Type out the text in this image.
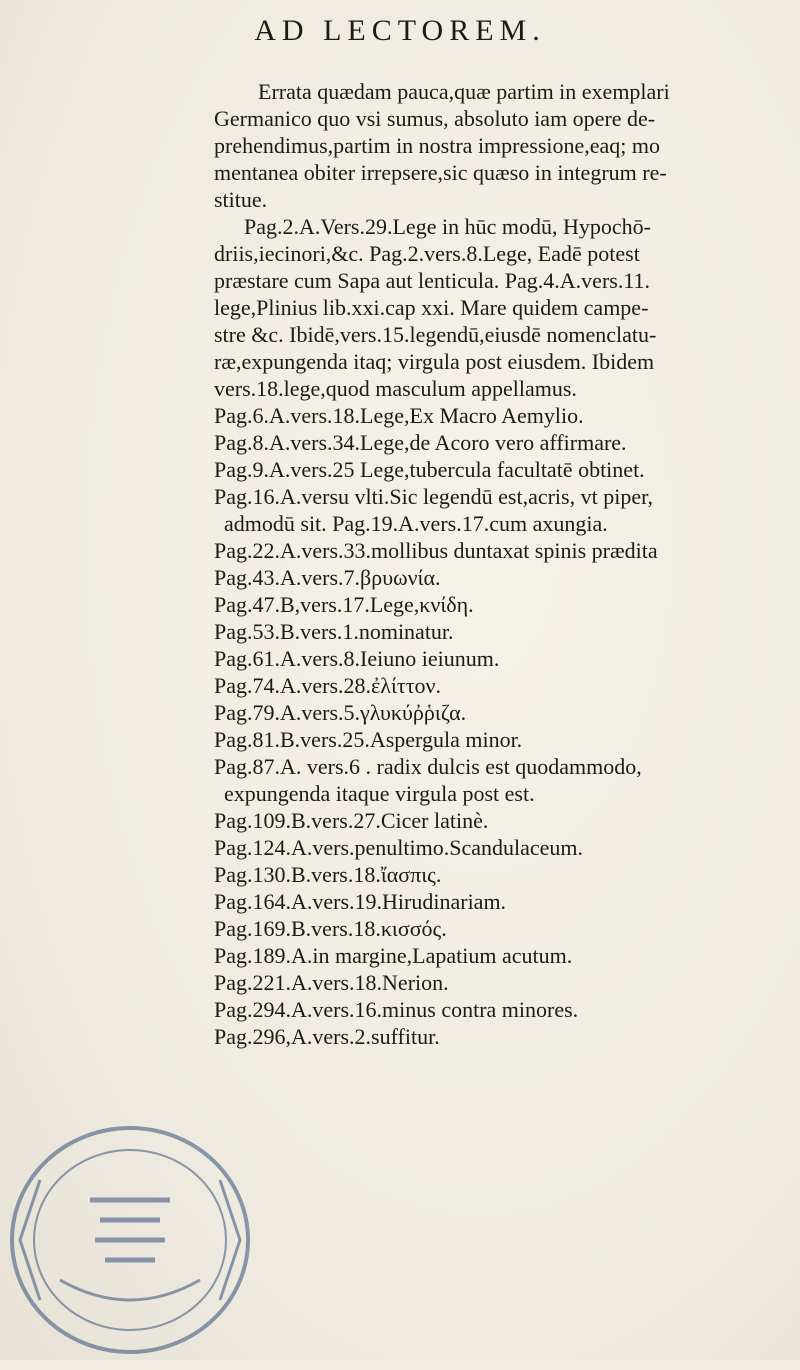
AD LECTOREM.
Errata quædam pauca,quæ partim in exemplari
Germanico quo vsi sumus, absoluto iam opere de-
prehendimus,partim in nostra impressione,eaq; mo
mentanea obiter irrepsere,sic quæso in integrum re-
stitue.
Pag.2.A.Vers.29.Lege in hūc modū, Hypochō-
driis,iecinori,&c. Pag.2.vers.8.Lege, Eadē potest
præstare cum Sapa aut lenticula. Pag.4.A.vers.11.
lege,Plinius lib.xxi.cap xxi. Mare quidem campe-
stre &c. Ibidē,vers.15.legendū,eiusdē nomenclatu-
ræ,expungenda itaq; virgula post eiusdem. Ibidem
vers.18.lege,quod masculum appellamus.
Pag.6.A.vers.18.Lege,Ex Macro Aemylio.
Pag.8.A.vers.34.Lege,de Acoro vero affirmare.
Pag.9.A.vers.25 Lege,tubercula facultatē obtinet.
Pag.16.A.versu vlti.Sic legendū est,acris, vt piper,
admodū sit. Pag.19.A.vers.17.cum axungia.
Pag.22.A.vers.33.mollibus duntaxat spinis prædita
Pag.43.A.vers.7.βρυωνία.
Pag.47.B,vers.17.Lege,κνίδη.
Pag.53.B.vers.1.nominatur.
Pag.61.A.vers.8.Ieiuno ieiunum.
Pag.74.A.vers.28.ἐλίττον.
Pag.79.A.vers.5.γλυκύῤῥιζα.
Pag.81.B.vers.25.Aspergula minor.
Pag.87.A. vers.6 . radix dulcis est quodammodo,
expungenda itaque virgula post est.
Pag.109.B.vers.27.Cicer latinè.
Pag.124.A.vers.penultimo.Scandulaceum.
Pag.130.B.vers.18.ἴασπις.
Pag.164.A.vers.19.Hirudinariam.
Pag.169.B.vers.18.κισσός.
Pag.189.A.in margine,Lapatium acutum.
Pag.221.A.vers.18.Nerion.
Pag.294.A.vers.16.minus contra minores.
Pag.296,A.vers.2.suffitur.
